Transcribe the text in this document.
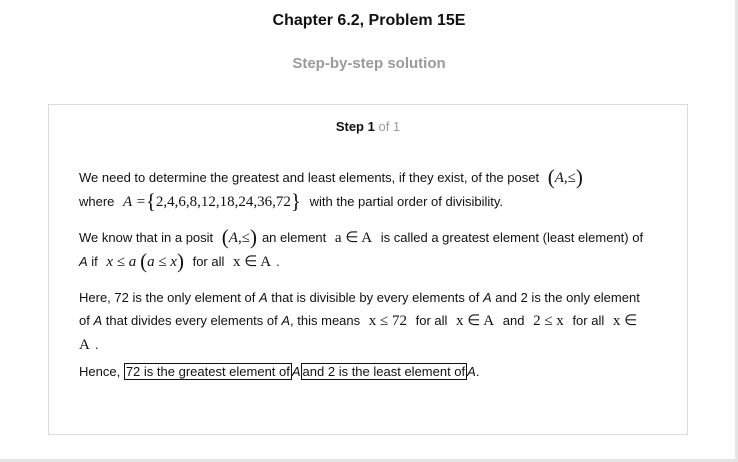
Chapter 6.2, Problem 15E
Step-by-step solution
Step 1 of 1
We need to determine the greatest and least elements, if they exist, of the poset (A,≤)
where A ={2,4,6,8,12,18,24,36,72} with the partial order of divisibility.
We know that in a posit (A,≤) an element a ∈ A is called a greatest element (least element) of A if x ≤ a (a ≤ x) for all x ∈ A .
Here, 72 is the only element of A that is divisible by every elements of A and 2 is the only element of A that divides every elements of A, this means x ≤ 72 for all x ∈ A and 2 ≤ x for all x ∈ A .
Hence, 72 is the greatest element of A and 2 is the least element of A.
